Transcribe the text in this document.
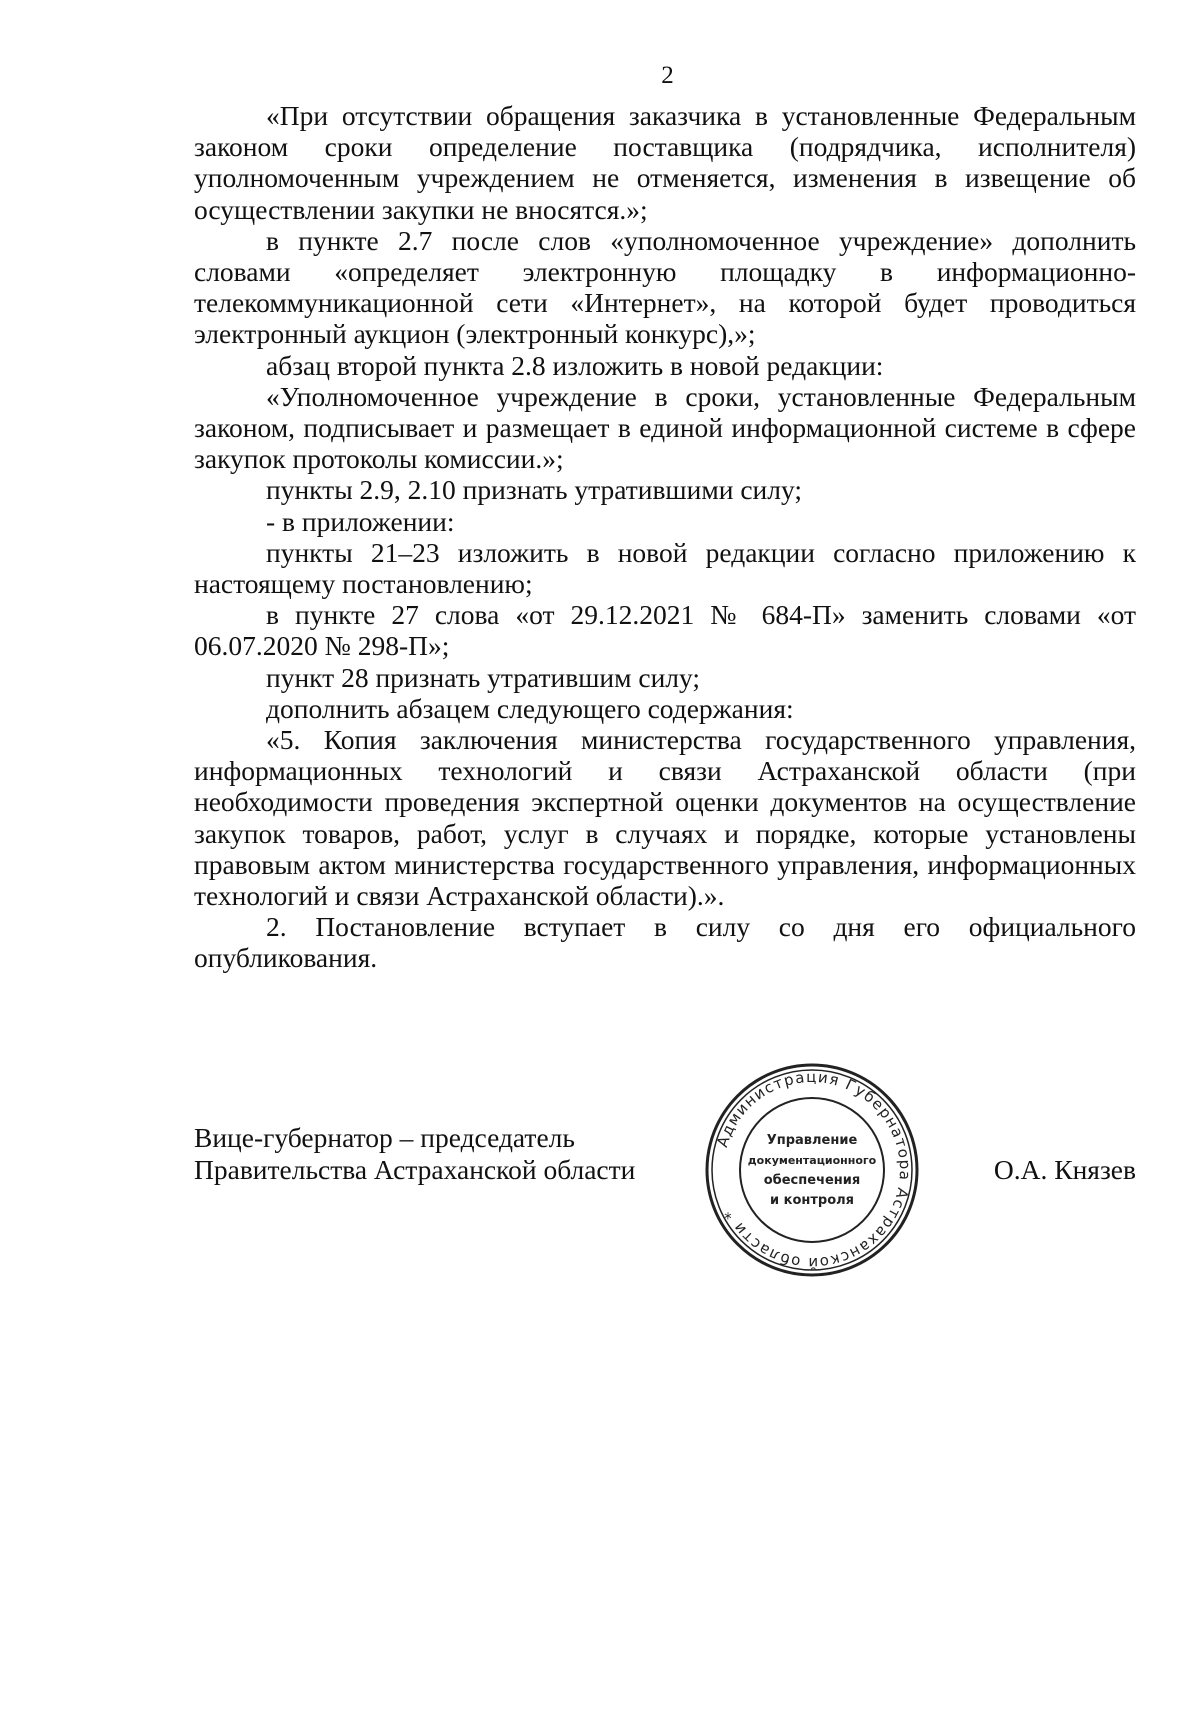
2

«При отсутствии обращения заказчика в установленные Федеральным законом сроки определение поставщика (подрядчика, исполнителя) уполномоченным учреждением не отменяется, изменения в извещение об осуществлении закупки не вносятся.»;

в пункте 2.7 после слов «уполномоченное учреждение» дополнить словами «определяет электронную площадку в информационно-телекоммуникационной сети «Интернет», на которой будет проводиться электронный аукцион (электронный конкурс),»;

абзац второй пункта 2.8 изложить в новой редакции:

«Уполномоченное учреждение в сроки, установленные Федеральным законом, подписывает и размещает в единой информационной системе в сфере закупок протоколы комиссии.»;

пункты 2.9, 2.10 признать утратившими силу;

- в приложении:

пункты 21–23 изложить в новой редакции согласно приложению к настоящему постановлению;

в пункте 27 слова «от 29.12.2021 № 684-П» заменить словами «от 06.07.2020 № 298-П»;

пункт 28 признать утратившим силу;

дополнить абзацем следующего содержания:

«5. Копия заключения министерства государственного управления, информационных технологий и связи Астраханской области (при необходимости проведения экспертной оценки документов на осуществление закупок товаров, работ, услуг в случаях и порядке, которые установлены правовым актом министерства государственного управления, информационных технологий и связи Астраханской области).».

2. Постановление вступает в силу со дня его официального опубликования.

Вице-губернатор – председатель
Правительства Астраханской области
Администрация Губернатора Астраханской области *
Управление
документационного
обеспечения
и контроля
О.А. Князев
